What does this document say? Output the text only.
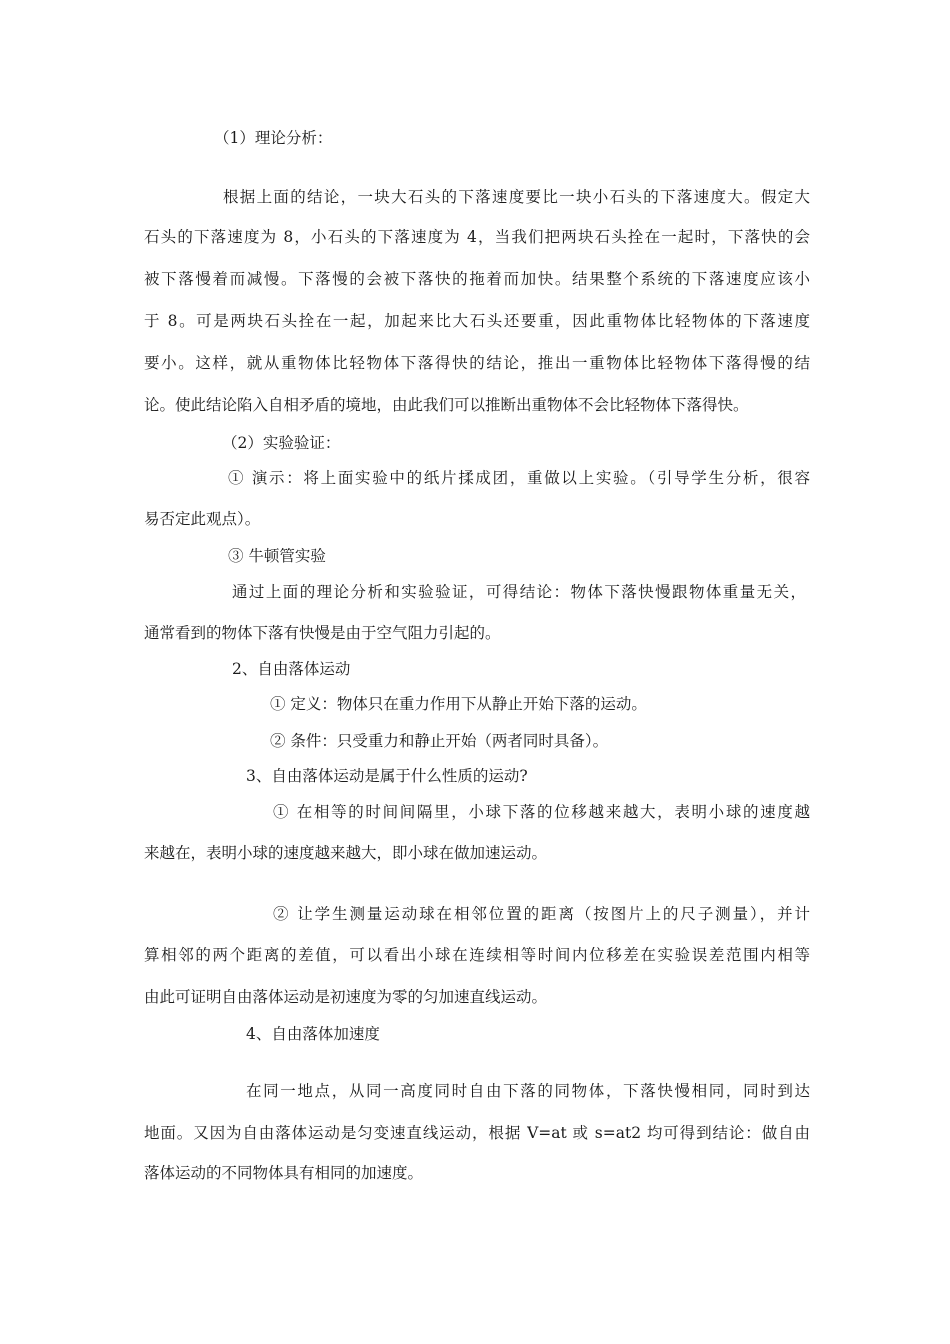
（1）理论分析：
根据上面的结论，一块大石头的下落速度要比一块小石头的下落速度大。假定大
石头的下落速度为 8，小石头的下落速度为 4，当我们把两块石头拴在一起时，下落快的会
被下落慢着而减慢。下落慢的会被下落快的拖着而加快。结果整个系统的下落速度应该小
于 8。可是两块石头拴在一起，加起来比大石头还要重，因此重物体比轻物体的下落速度
要小。这样，就从重物体比轻物体下落得快的结论，推出一重物体比轻物体下落得慢的结
论。使此结论陷入自相矛盾的境地，由此我们可以推断出重物体不会比轻物体下落得快。
（2）实验验证：
① 演示：将上面实验中的纸片揉成团，重做以上实验。（引导学生分析，很容
易否定此观点）。
③ 牛顿管实验
通过上面的理论分析和实验验证，可得结论：物体下落快慢跟物体重量无关，
通常看到的物体下落有快慢是由于空气阻力引起的。
2、自由落体运动
① 定义：物体只在重力作用下从静止开始下落的运动。
② 条件：只受重力和静止开始（两者同时具备）。
3、自由落体运动是属于什么性质的运动?
① 在相等的时间间隔里，小球下落的位移越来越大，表明小球的速度越
来越在，表明小球的速度越来越大，即小球在做加速运动。
② 让学生测量运动球在相邻位置的距离（按图片上的尺子测量），并计
算相邻的两个距离的差值，可以看出小球在连续相等时间内位移差在实验误差范围内相等
由此可证明自由落体运动是初速度为零的匀加速直线运动。
4、自由落体加速度
在同一地点，从同一高度同时自由下落的同物体，下落快慢相同，同时到达
地面。又因为自由落体运动是匀变速直线运动，根据 V=at 或 s=at2 均可得到结论：做自由
落体运动的不同物体具有相同的加速度。
